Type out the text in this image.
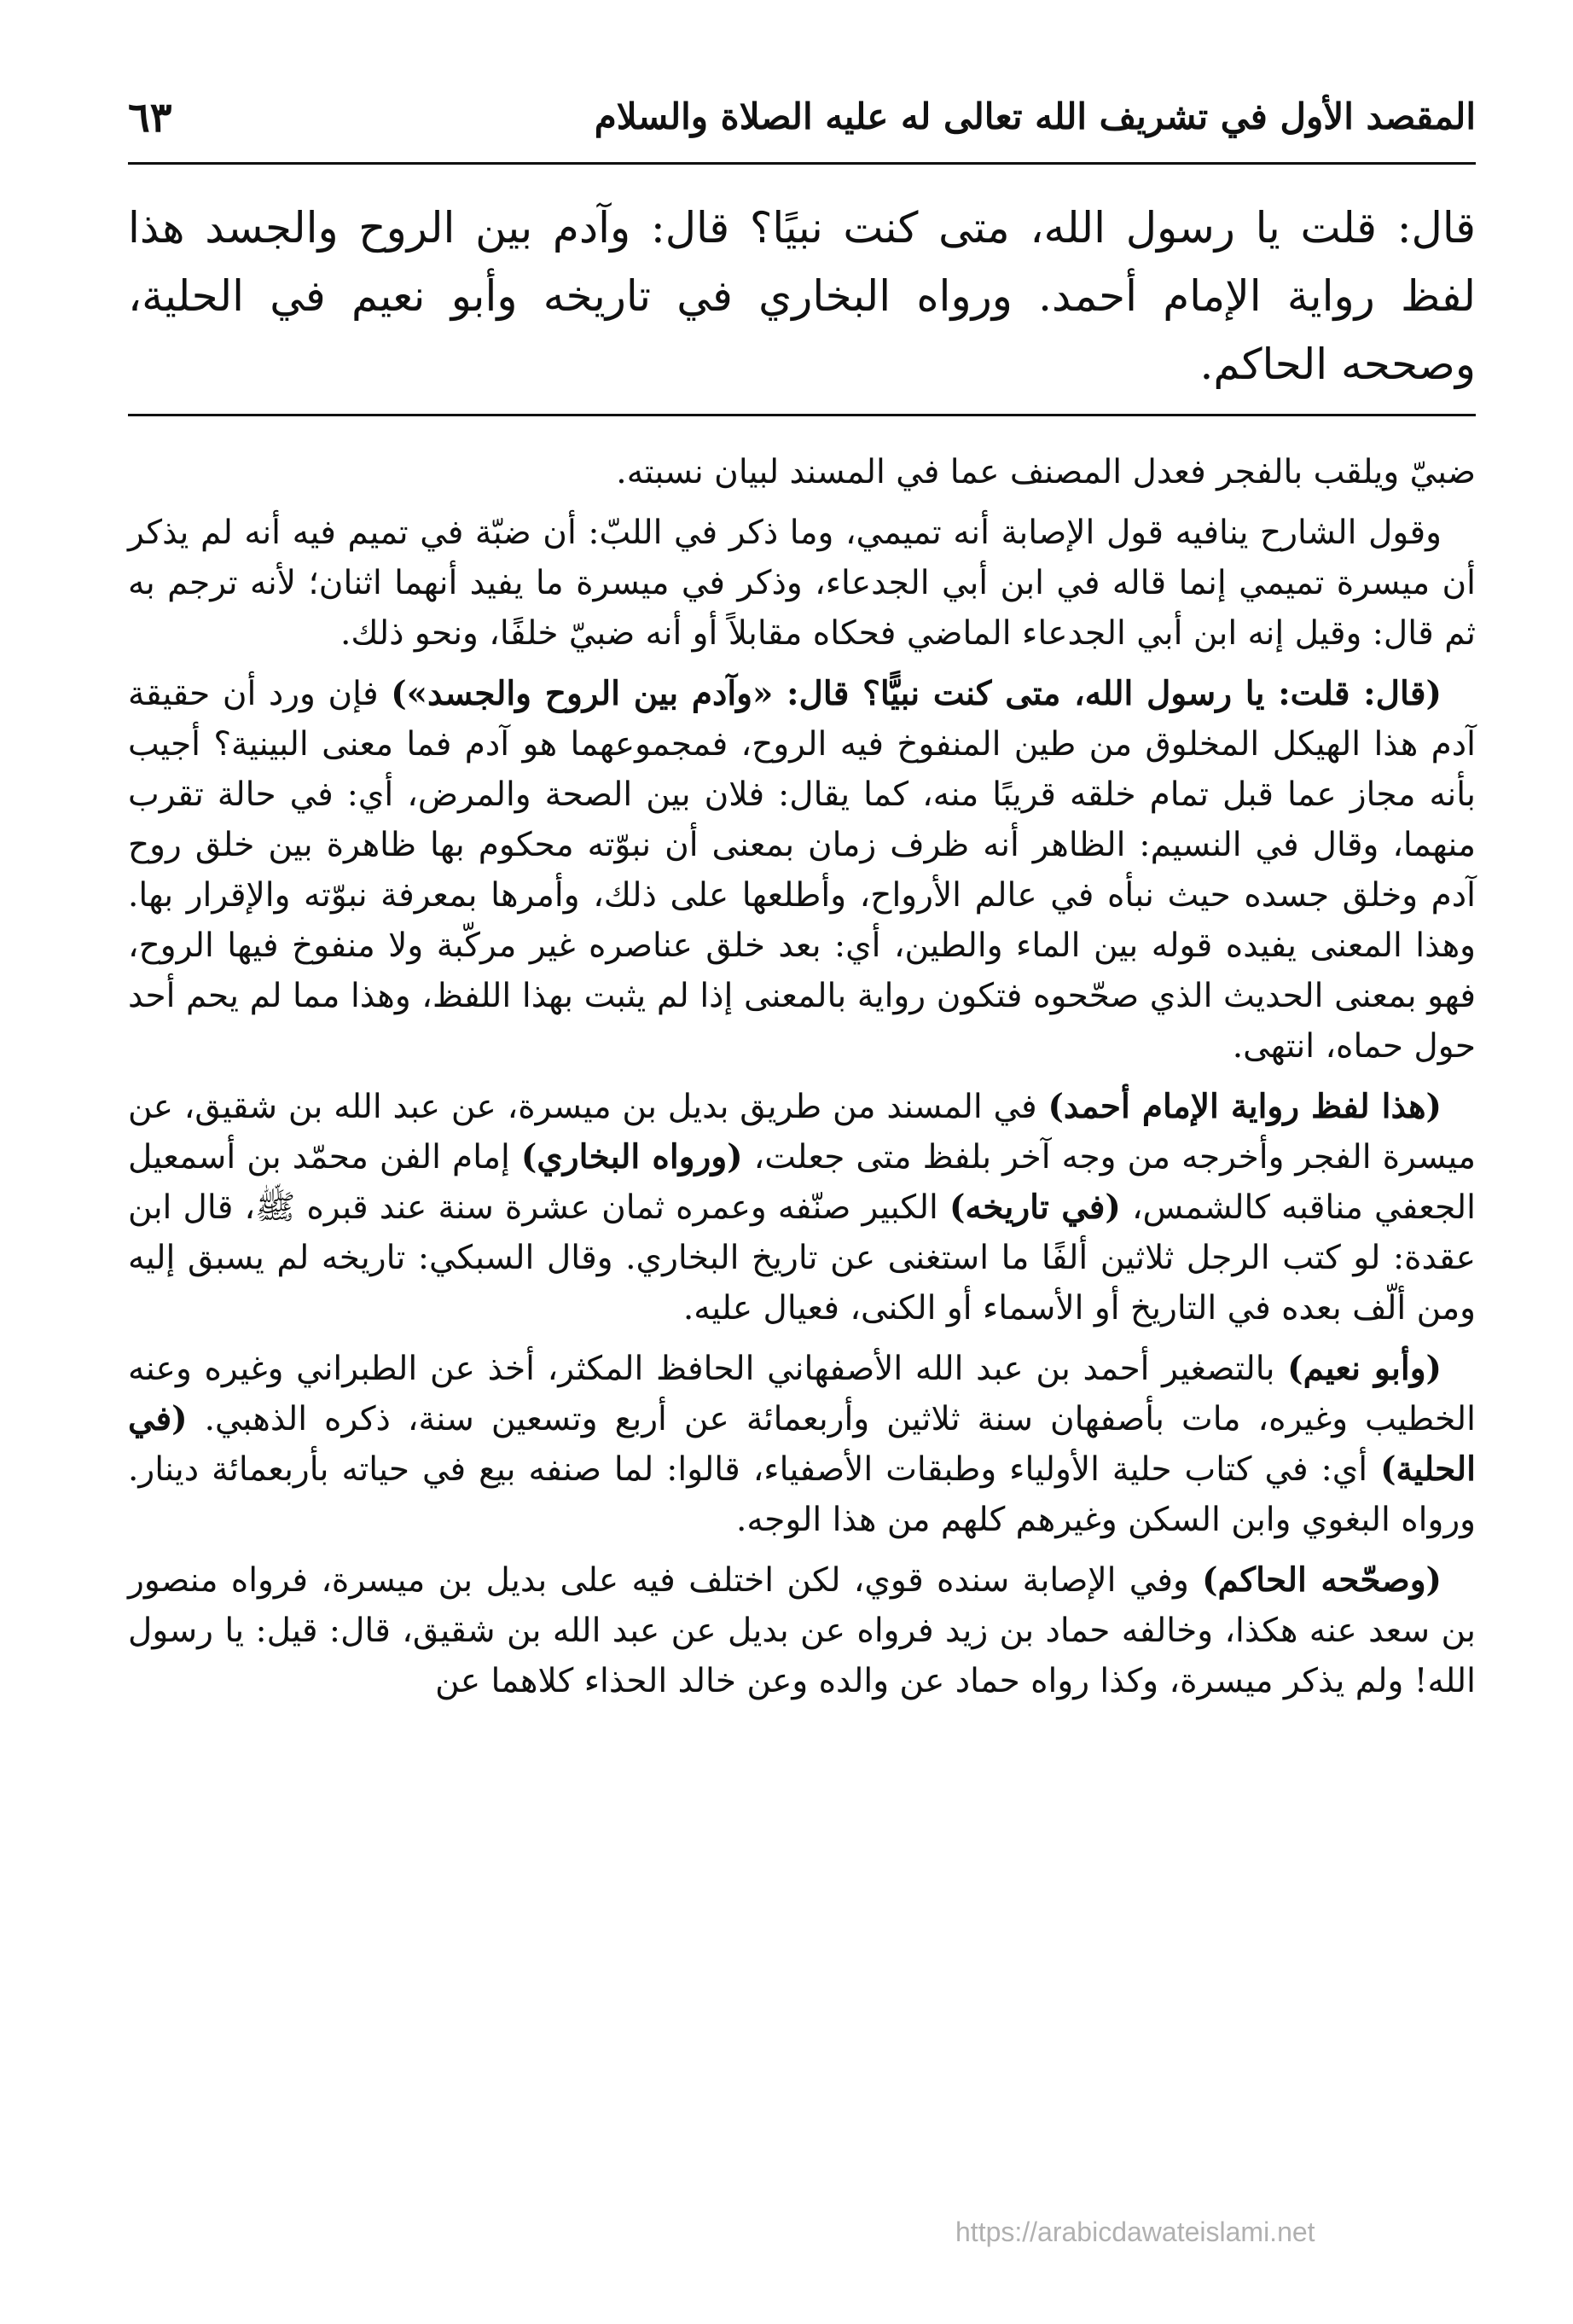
المقصد الأول في تشريف الله تعالى له عليه الصلاة والسلام
٦٣
قال: قلت يا رسول الله، متى كنت نبيًا؟ قال: وآدم بين الروح والجسد هذا لفظ رواية الإمام أحمد. ورواه البخاري في تاريخه وأبو نعيم في الحلية، وصححه الحاكم.

ضبيّ ويلقب بالفجر فعدل المصنف عما في المسند لبيان نسبته.

وقول الشارح ينافيه قول الإصابة أنه تميمي، وما ذكر في اللبّ: أن ضبّة في تميم فيه أنه لم يذكر أن ميسرة تميمي إنما قاله في ابن أبي الجدعاء، وذكر في ميسرة ما يفيد أنهما اثنان؛ لأنه ترجم به ثم قال: وقيل إنه ابن أبي الجدعاء الماضي فحكاه مقابلاً أو أنه ضبيّ خلفًا، ونحو ذلك.

(قال: قلت: يا رسول الله، متى كنت نبيًّا؟ قال: «وآدم بين الروح والجسد») فإن ورد أن حقيقة آدم هذا الهيكل المخلوق من طين المنفوخ فيه الروح، فمجموعهما هو آدم فما معنى البينية؟ أجيب بأنه مجاز عما قبل تمام خلقه قريبًا منه، كما يقال: فلان بين الصحة والمرض، أي: في حالة تقرب منهما، وقال في النسيم: الظاهر أنه ظرف زمان بمعنى أن نبوّته محكوم بها ظاهرة بين خلق روح آدم وخلق جسده حيث نبأه في عالم الأرواح، وأطلعها على ذلك، وأمرها بمعرفة نبوّته والإقرار بها. وهذا المعنى يفيده قوله بين الماء والطين، أي: بعد خلق عناصره غير مركّبة ولا منفوخ فيها الروح، فهو بمعنى الحديث الذي صحّحوه فتكون رواية بالمعنى إذا لم يثبت بهذا اللفظ، وهذا مما لم يحم أحد حول حماه، انتهى.

(هذا لفظ رواية الإمام أحمد) في المسند من طريق بديل بن ميسرة، عن عبد الله بن شقيق، عن ميسرة الفجر وأخرجه من وجه آخر بلفظ متى جعلت، (ورواه البخاري) إمام الفن محمّد بن أسمعيل الجعفي مناقبه كالشمس، (في تاريخه) الكبير صنّفه وعمره ثمان عشرة سنة عند قبره ﷺ، قال ابن عقدة: لو كتب الرجل ثلاثين ألفًا ما استغنى عن تاريخ البخاري. وقال السبكي: تاريخه لم يسبق إليه ومن ألّف بعده في التاريخ أو الأسماء أو الكنى، فعيال عليه.

(وأبو نعيم) بالتصغير أحمد بن عبد الله الأصفهاني الحافظ المكثر، أخذ عن الطبراني وغيره وعنه الخطيب وغيره، مات بأصفهان سنة ثلاثين وأربعمائة عن أربع وتسعين سنة، ذكره الذهبي. (في الحلية) أي: في كتاب حلية الأولياء وطبقات الأصفياء، قالوا: لما صنفه بيع في حياته بأربعمائة دينار. ورواه البغوي وابن السكن وغيرهم كلهم من هذا الوجه.

(وصحّحه الحاكم) وفي الإصابة سنده قوي، لكن اختلف فيه على بديل بن ميسرة، فرواه منصور بن سعد عنه هكذا، وخالفه حماد بن زيد فرواه عن بديل عن عبد الله بن شقيق، قال: قيل: يا رسول الله! ولم يذكر ميسرة، وكذا رواه حماد عن والده وعن خالد الحذاء كلاهما عن

https://arabicdawateislami.net
